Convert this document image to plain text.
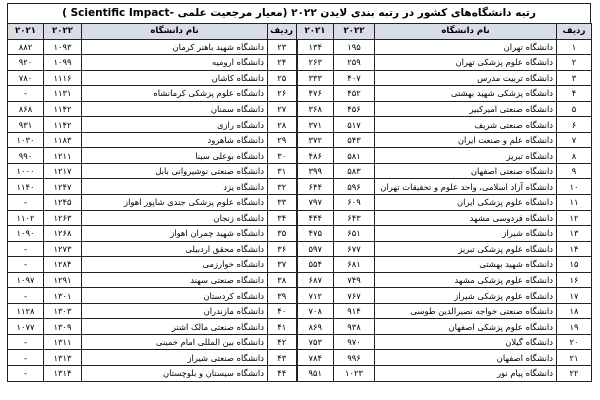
رتبه دانشگاه‌های کشور در رتبه بندی لایدن ۲۰۲۲ (معیار مرجعیت علمی -Scientific Impact )
ردیف	نام دانشگاه	۲۰۲۲	۲۰۲۱	ردیف	نام دانشگاه	۲۰۲۲	۲۰۲۱
۱	دانشگاه تهران	۱۹۵	۱۳۴	۲۳	دانشگاه شهید باهنر کرمان	۱۰۹۳	۸۸۲
۲	دانشگاه علوم پزشکی تهران	۲۵۹	۲۶۳	۲۴	دانشگاه ارومیه	۱۰۹۹	۹۲۰
۳	دانشگاه تربیت مدرس	۴۰۷	۳۳۳	۲۵	دانشگاه کاشان	۱۱۱۶	۷۸۰
۴	دانشگاه پزشکی شهید بهشتی	۴۵۲	۴۷۶	۲۶	دانشگاه علوم پزشکی کرمانشاه	۱۱۳۱	-
۵	دانشگاه صنعتی امیرکبیر	۴۵۶	۳۶۸	۲۷	دانشگاه سمنان	۱۱۴۲	۸۶۸
۶	دانشگاه صنعتی شریف	۵۱۷	۳۷۱	۲۸	دانشگاه رازی	۱۱۴۲	۹۳۱
۷	دانشگاه علم و صنعت ایران	۵۴۳	۳۷۲	۲۹	دانشگاه شاهرود	۱۱۸۳	۱۰۳۰
۸	دانشگاه تبریز	۵۸۱	۴۸۶	۳۰	دانشگاه بوعلی سینا	۱۲۱۱	۹۹۰
۹	دانشگاه صنعتی اصفهان	۵۸۳	۳۹۹	۳۱	دانشگاه صنعتی نوشیروانی بابل	۱۲۱۷	۱۰۰۰
۱۰	دانشگاه آزاد اسلامی، واحد علوم و تحقیقات تهران	۵۹۶	۶۴۴	۳۲	دانشگاه یزد	۱۲۴۷	۱۱۴۰
۱۱	دانشگاه علوم پزشکی ایران	۶۰۹	۷۹۷	۳۳	دانشگاه علوم پزشکی جندی شاپور اهواز	۱۲۴۵	-
۱۲	دانشگاه فردوسی مشهد	۶۴۳	۴۴۴	۳۴	دانشگاه زنجان	۱۲۶۳	۱۱۰۲
۱۳	دانشگاه شیراز	۶۵۱	۴۷۵	۳۵	دانشگاه شهید چمران اهواز	۱۲۶۸	۱۰۹۰
۱۴	دانشگاه علوم پزشکی تبریز	۶۷۷	۵۹۷	۳۶	دانشگاه محقق اردبیلی	۱۲۷۳	-
۱۵	دانشگاه شهید بهشتی	۶۸۱	۵۵۴	۳۷	دانشگاه خوارزمی	۱۲۸۴	-
۱۶	دانشگاه علوم پزشکی مشهد	۷۴۹	۶۸۷	۳۸	دانشگاه صنعتی سهند	۱۲۹۱	۱۰۹۷
۱۷	دانشگاه علوم پزشکی شیراز	۷۶۷	۷۱۲	۳۹	دانشگاه کردستان	۱۳۰۱	-
۱۸	دانشگاه صنعتی خواجه نصیرالدین طوسی	۹۱۴	۷۰۸	۴۰	دانشگاه مازندران	۱۳۰۳	۱۱۲۸
۱۹	دانشگاه علوم پزشکی اصفهان	۹۳۸	۸۶۹	۴۱	دانشگاه صنعتی مالک اشتر	۱۳۰۹	۱۰۷۷
۲۰	دانشگاه گیلان	۹۷۰	۷۵۳	۴۲	دانشگاه بین المللی امام خمینی	۱۳۱۱	-
۲۱	دانشگاه اصفهان	۹۹۶	۷۸۴	۴۳	دانشگاه صنعتی شیراز	۱۳۱۳	-
۲۲	دانشگاه پیام نور	۱۰۲۳	۹۵۱	۴۴	دانشگاه سیستان و بلوچستان	۱۳۱۴	-
